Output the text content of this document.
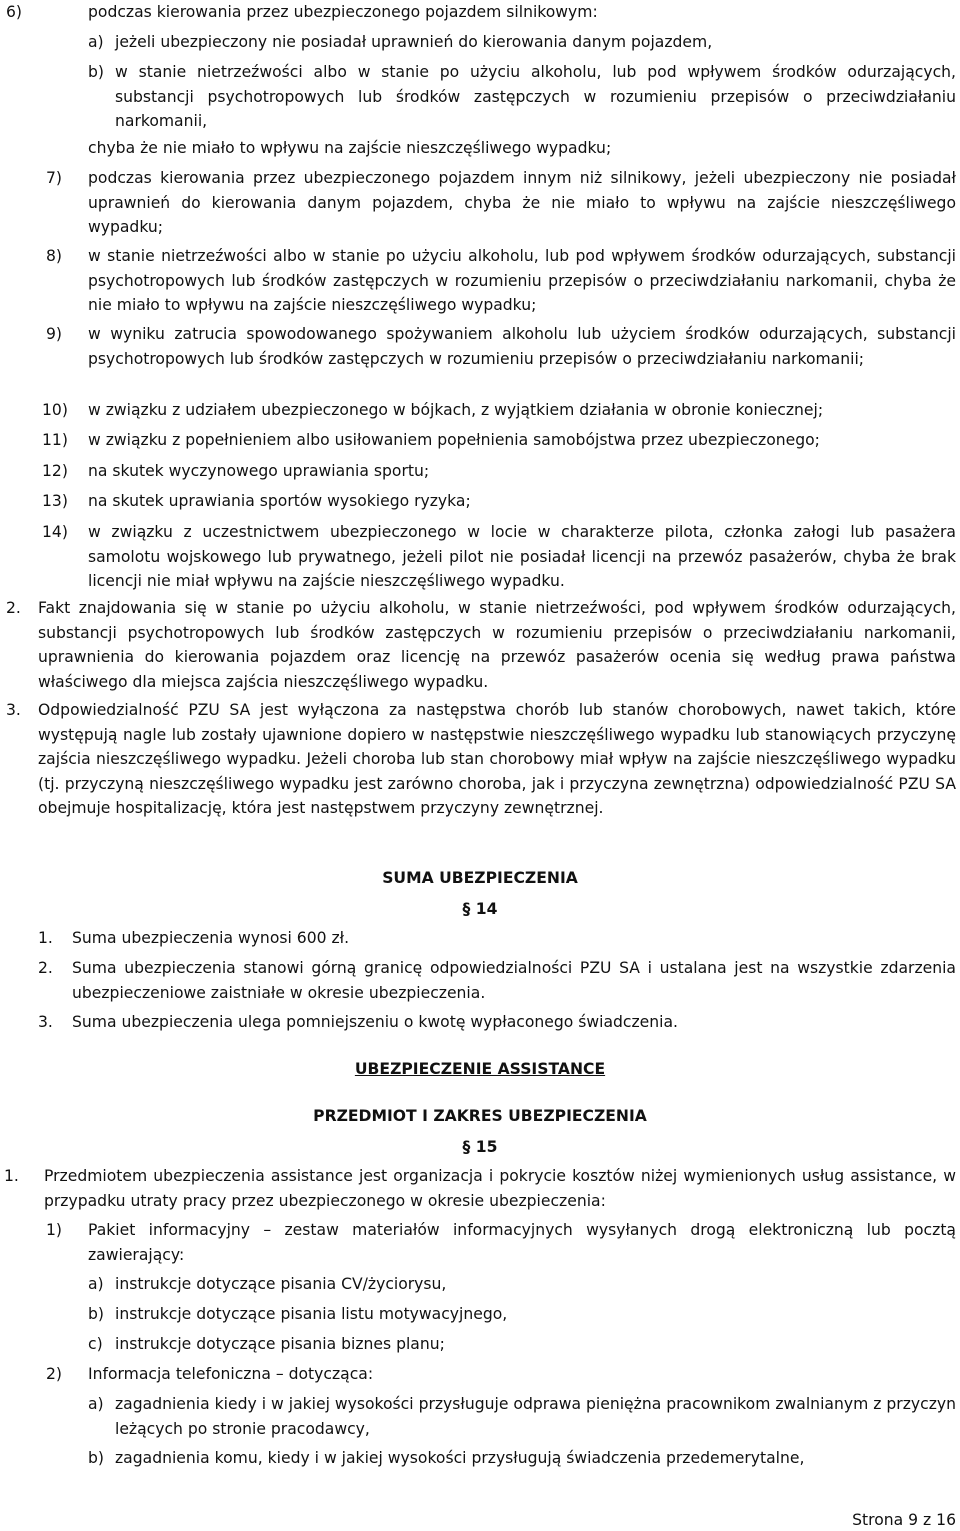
6)	podczas kierowania przez ubezpieczonego pojazdem silnikowym:
a) jeżeli ubezpieczony nie posiadał uprawnień do kierowania danym pojazdem,
b) w stanie nietrzeźwości albo w stanie po użyciu alkoholu, lub pod wpływem środków odurzających, substancji psychotropowych lub środków zastępczych w rozumieniu przepisów o przeciwdziałaniu narkomanii,
chyba że nie miało to wpływu na zajście nieszczęśliwego wypadku;
7)	podczas kierowania przez ubezpieczonego pojazdem innym niż silnikowy, jeżeli ubezpieczony nie posiadał uprawnień do kierowania danym pojazdem, chyba że nie miało to wpływu na zajście nieszczęśliwego wypadku;
8)	w stanie nietrzeźwości albo w stanie po użyciu alkoholu, lub pod wpływem środków odurzających, substancji psychotropowych lub środków zastępczych w rozumieniu przepisów o przeciwdziałaniu narkomanii, chyba że nie miało to wpływu na zajście nieszczęśliwego wypadku;
9)	w wyniku zatrucia spowodowanego spożywaniem alkoholu lub użyciem środków odurzających, substancji psychotropowych lub środków zastępczych w rozumieniu przepisów o przeciwdziałaniu narkomanii;
10)	w związku z udziałem ubezpieczonego w bójkach, z wyjątkiem działania w obronie koniecznej;
11)	w związku z popełnieniem albo usiłowaniem popełnienia samobójstwa przez ubezpieczonego;
12)	na skutek wyczynowego uprawiania sportu;
13)	na skutek uprawiania sportów wysokiego ryzyka;
14)	w związku z uczestnictwem ubezpieczonego w locie w charakterze pilota, członka załogi lub pasażera samolotu wojskowego lub prywatnego, jeżeli pilot nie posiadał licencji na przewóz pasażerów, chyba że brak licencji nie miał wpływu na zajście nieszczęśliwego wypadku.
2.	Fakt znajdowania się w stanie po użyciu alkoholu, w stanie nietrzeźwości, pod wpływem środków odurzających, substancji psychotropowych lub środków zastępczych w rozumieniu przepisów o przeciwdziałaniu narkomanii, uprawnienia do kierowania pojazdem oraz licencję na przewóz pasażerów ocenia się według prawa państwa właściwego dla miejsca zajścia nieszczęśliwego wypadku.
3.	Odpowiedzialność PZU SA jest wyłączona za następstwa chorób lub stanów chorobowych, nawet takich, które występują nagle lub zostały ujawnione dopiero w następstwie nieszczęśliwego wypadku lub stanowiących przyczynę zajścia nieszczęśliwego wypadku. Jeżeli choroba lub stan chorobowy miał wpływ na zajście nieszczęśliwego wypadku (tj. przyczyną nieszczęśliwego wypadku jest zarówno choroba, jak i przyczyna zewnętrzna) odpowiedzialność PZU SA obejmuje hospitalizację, która jest następstwem przyczyny zewnętrznej.
SUMA UBEZPIECZENIA
§ 14
1.	Suma ubezpieczenia wynosi 600 zł.
2.	Suma ubezpieczenia stanowi górną granicę odpowiedzialności PZU SA i ustalana jest na wszystkie zdarzenia ubezpieczeniowe zaistniałe w okresie ubezpieczenia.
3.	Suma ubezpieczenia ulega pomniejszeniu o kwotę wypłaconego świadczenia.
UBEZPIECZENIE ASSISTANCE
PRZEDMIOT I ZAKRES UBEZPIECZENIA
§ 15
1.	Przedmiotem ubezpieczenia assistance jest organizacja i pokrycie kosztów niżej wymienionych usług assistance, w przypadku utraty pracy przez ubezpieczonego w okresie ubezpieczenia:
1)	Pakiet informacyjny – zestaw materiałów informacyjnych wysyłanych drogą elektroniczną lub pocztą zawierający:
a) instrukcje dotyczące pisania CV/życiorysu,
b) instrukcje dotyczące pisania listu motywacyjnego,
c) instrukcje dotyczące pisania biznes planu;
2)	Informacja telefoniczna – dotycząca:
a) zagadnienia kiedy i w jakiej wysokości przysługuje odprawa pieniężna pracownikom zwalnianym z przyczyn leżących po stronie pracodawcy,
b) zagadnienia komu, kiedy i w jakiej wysokości przysługują świadczenia przedemerytalne,
Strona 9 z 16
